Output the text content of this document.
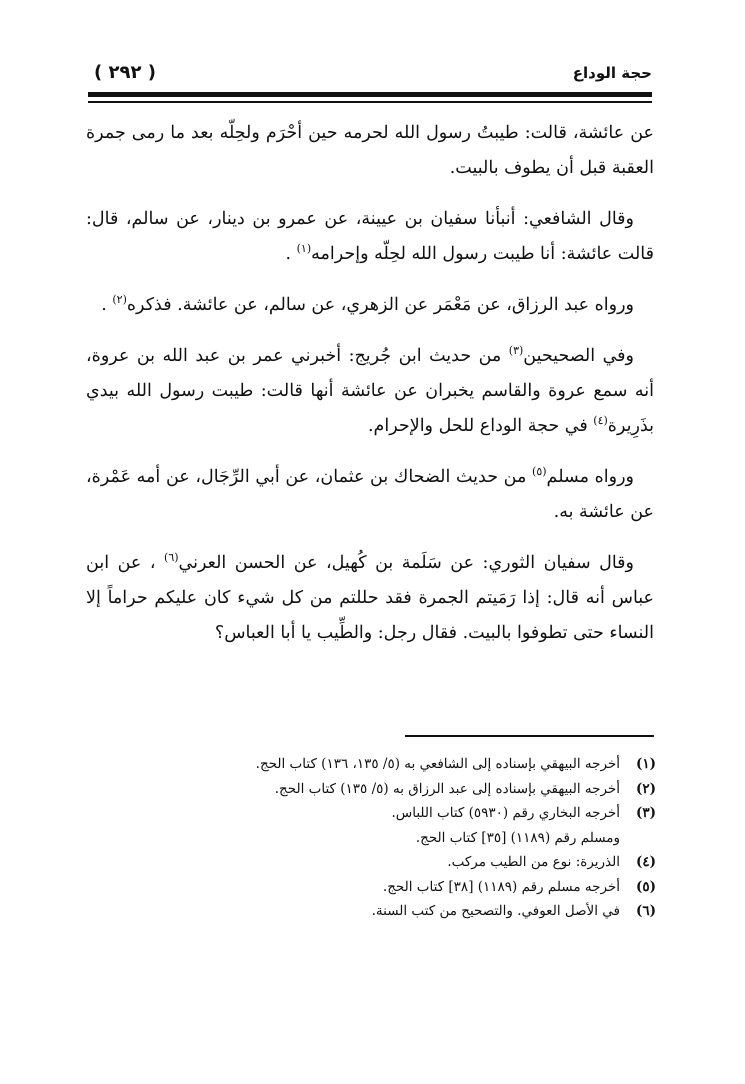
حجة الوداع
( ٢٩٢ )

عن عائشة، قالت: طيبتُ رسول الله لحرمه حين أحْرَم ولحِلّه بعد ما رمى جمرة العقبة قبل أن يطوف بالبيت.

وقال الشافعي: أنبأنا سفيان بن عيينة، عن عمرو بن دينار، عن سالم، قال: قالت عائشة: أنا طيبت رسول الله لحِلّه وإحرامه$^{(١)}$ .

ورواه عبد الرزاق، عن مَعْمَر عن الزهري، عن سالم، عن عائشة. فذكره$^{(٢)}$ .

وفي الصحيحين$^{(٣)}$ من حديث ابن جُريج: أخبرني عمر بن عبد الله بن عروة، أنه سمع عروة والقاسم يخبران عن عائشة أنها قالت: طيبت رسول الله بيدي بذَرِيرة$^{(٤)}$ في حجة الوداع للحل والإحرام.

ورواه مسلم$^{(٥)}$ من حديث الضحاك بن عثمان، عن أبي الرِّجَال، عن أمه عَمْرة، عن عائشة به.

وقال سفيان الثوري: عن سَلَمة بن كُهيل، عن الحسن العرني$^{(٦)}$ ، عن ابن عباس أنه قال: إذا رَمَيتم الجمرة فقد حللتم من كل شيء كان عليكم حراماً إلا النساء حتى تطوفوا بالبيت. فقال رجل: والطِّيب يا أبا العباس؟

(١)أخرجه البيهقي بإسناده إلى الشافعي به (٥/ ١٣٥، ١٣٦) كتاب الحج.
(٢)أخرجه البيهقي بإسناده إلى عبد الرزاق به (٥/ ١٣٥) كتاب الحج.
(٣)أخرجه البخاري رقم (٥٩٣٠) كتاب اللباس.
ومسلم رقم (١١٨٩) [٣٥] كتاب الحج.
(٤)الذريرة: نوع من الطيب مركب.
(٥)أخرجه مسلم رقم (١١٨٩) [٣٨] كتاب الحج.
(٦)في الأصل العوفي. والتصحيح من كتب السنة.
